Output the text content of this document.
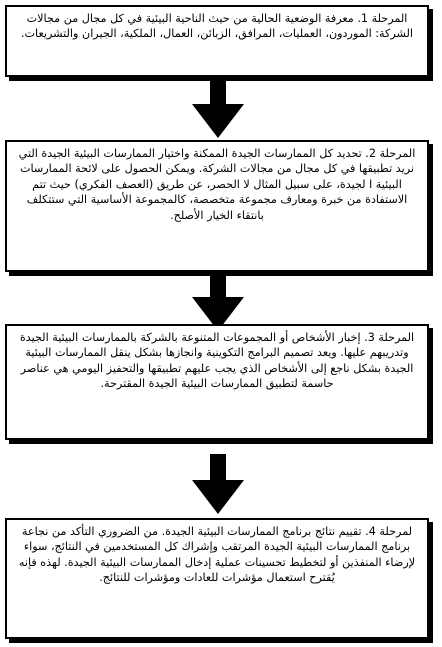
المرحلة 1. معرفة الوضعية الحالية من حيث الناحية البيئية في كل مجال من مجالات الشركة: الموردون، العمليات، المرافق، الزبائن، العمال، الملكية، الجيران والتشريعات.
المرحلة 2. تحديد كل الممارسات الجيدة الممكنة واختيار الممارسات البيئية الجيدة التي نريد تطبيقها في كل مجال من مجالات الشركة. ويمكن الحصول على لائحة الممارسات البيئية ا لجيدة، على سبيل المثال لا الحصر، عن طريق (العصف الفكري) حيث تتم الاستفادة من خبرة ومعارف مجموعة متخصصة، كالمجموعة الأساسية التي ستتكلف بانتقاء الخيار الأصلح.
المرحلة 3. إخبار الأشخاص أو المجموعات المتنوعة بالشركة بالممارسات البيئية الجيدة وتدريبهم عليها. ويعد تصميم البرامج التكوينية وانجازها بشكل ينقل الممارسات البيئية الجيدة بشكل ناجع إلى الأشخاص الذي يجب عليهم تطبيقها والتحفيز اليومي هي عناصر حاسمة لتطبيق الممارسات البيئية الجيدة المقترحة.
لمرحلة 4. تقييم نتائج برنامج الممارسات البيئية الجيدة. من الضروري التأكد من نجاعة برنامج الممارسات البيئية الجيدة المرتقب وإشراك كل المستخدمين في النتائج، سواء لإرضاء المنفذين أو لتخطيط تحسينات عملية إدخال الممارسات البيئية الجيدة. لهذه فإنه يُقترح استعمال مؤشرات للعادات ومؤشرات للنتائج.
